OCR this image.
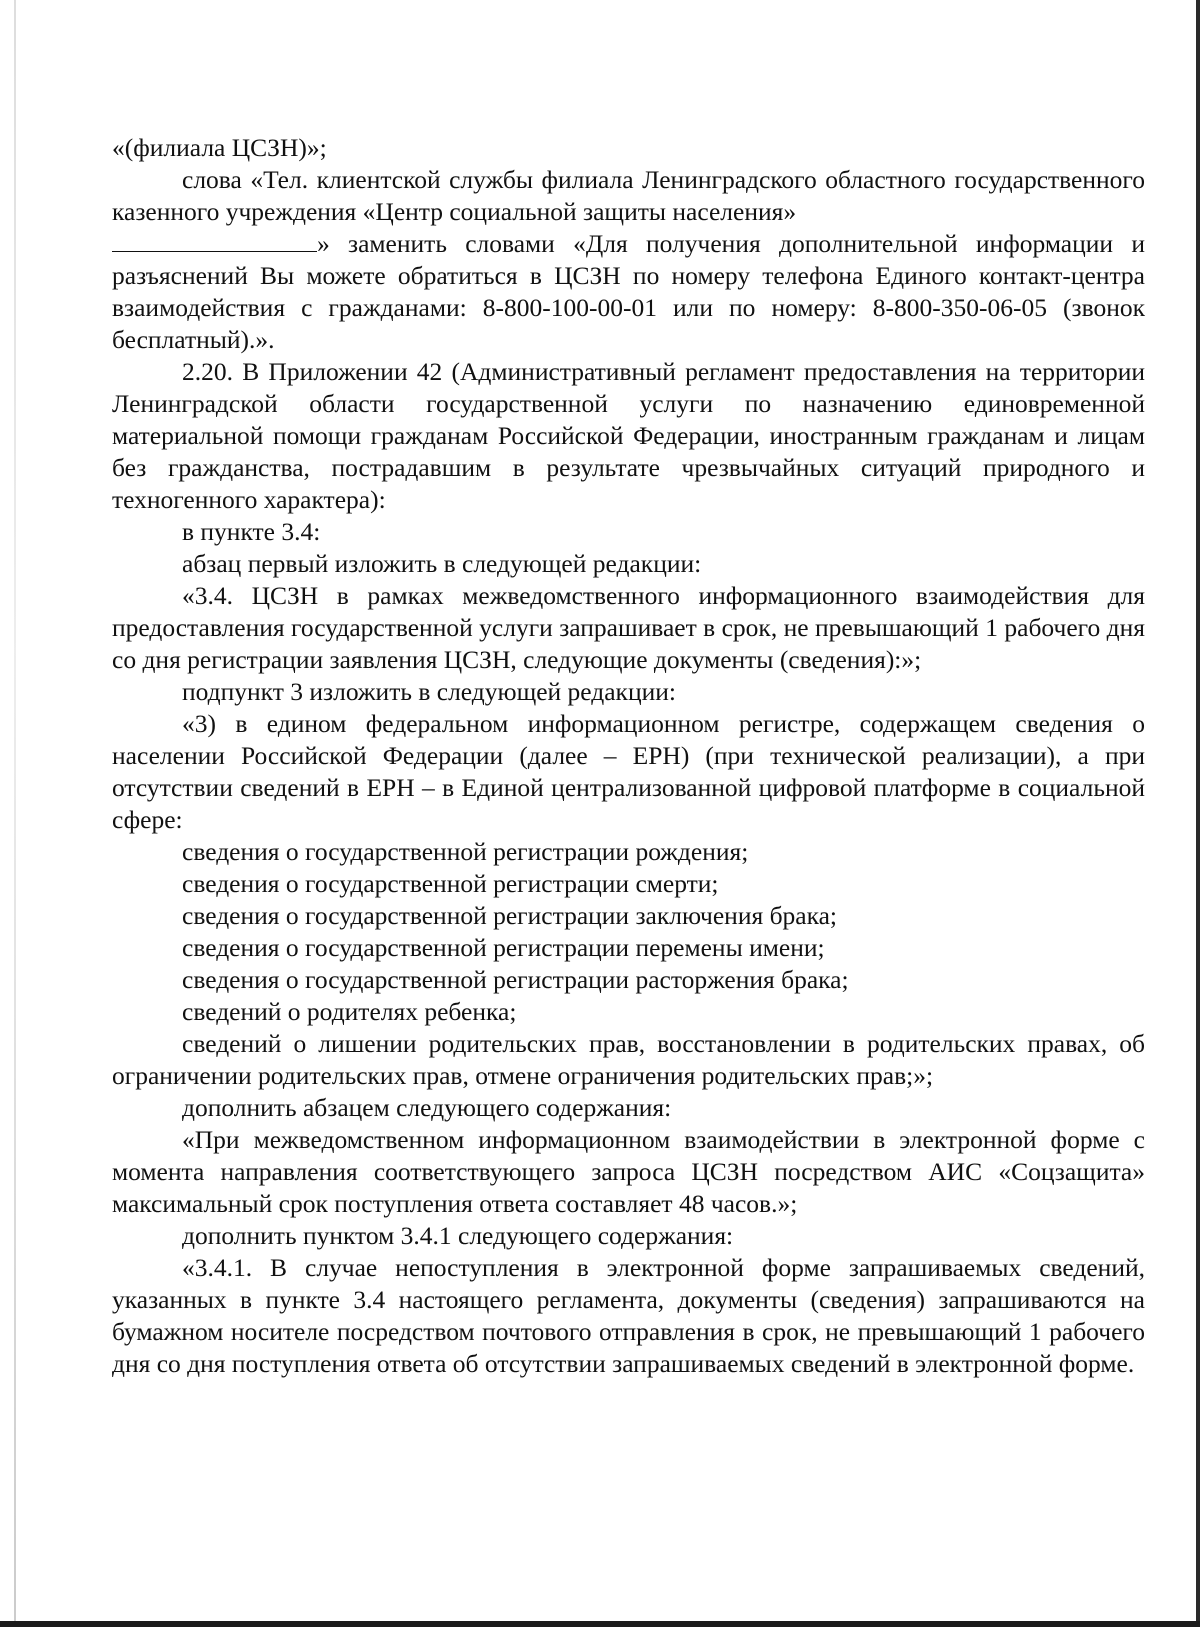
«(филиала ЦСЗН)»;

слова «Тел. клиентской службы филиала Ленинградского областного государственного казенного учреждения «Центр социальной защиты населения»

» заменить словами «Для получения дополнительной информации и разъяснений Вы можете обратиться в ЦСЗН по номеру телефона Единого контакт-центра взаимодействия с гражданами: 8-800-100-00-01 или по номеру: 8-800-350-06-05 (звонок бесплатный).».

2.20. В Приложении 42 (Административный регламент предоставления на территории Ленинградской области государственной услуги по назначению единовременной материальной помощи гражданам Российской Федерации, иностранным гражданам и лицам без гражданства, пострадавшим в результате чрезвычайных ситуаций природного и техногенного характера):

в пункте 3.4:

абзац первый изложить в следующей редакции:

«3.4. ЦСЗН в рамках межведомственного информационного взаимодействия для предоставления государственной услуги запрашивает в срок, не превышающий 1 рабочего дня со дня регистрации заявления ЦСЗН, следующие документы (сведения):»;

подпункт 3 изложить в следующей редакции:

«3) в едином федеральном информационном регистре, содержащем сведения о населении Российской Федерации (далее – ЕРН) (при технической реализации), а при отсутствии сведений в ЕРН – в Единой централизованной цифровой платформе в социальной сфере:

сведения о государственной регистрации рождения;

сведения о государственной регистрации смерти;

сведения о государственной регистрации заключения брака;

сведения о государственной регистрации перемены имени;

сведения о государственной регистрации расторжения брака;

сведений о родителях ребенка;

сведений о лишении родительских прав, восстановлении в родительских правах, об ограничении родительских прав, отмене ограничения родительских прав;»;

дополнить абзацем следующего содержания:

«При межведомственном информационном взаимодействии в электронной форме с момента направления соответствующего запроса ЦСЗН посредством АИС «Соцзащита» максимальный срок поступления ответа составляет 48 часов.»;

дополнить пунктом 3.4.1 следующего содержания:

«3.4.1. В случае непоступления в электронной форме запрашиваемых сведений, указанных в пункте 3.4 настоящего регламента, документы (сведения) запрашиваются на бумажном носителе посредством почтового отправления в срок, не превышающий 1 рабочего дня со дня поступления ответа об отсутствии запрашиваемых сведений в электронной форме.
